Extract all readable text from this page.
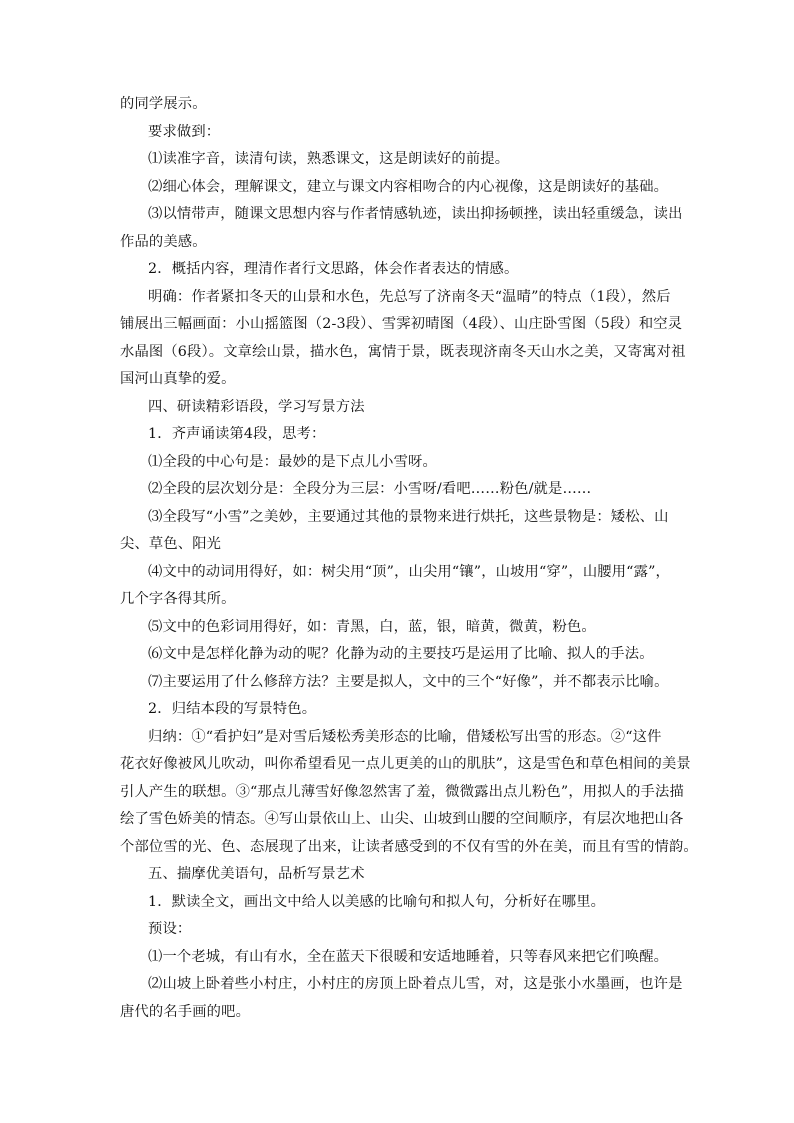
的同学展示。
要求做到：
⑴读准字音，读清句读，熟悉课文，这是朗读好的前提。
⑵细心体会，理解课文，建立与课文内容相吻合的内心视像，这是朗读好的基础。
⑶以情带声，随课文思想内容与作者情感轨迹，读出抑扬顿挫，读出轻重缓急，读出
作品的美感。
2．概括内容，理清作者行文思路，体会作者表达的情感。
明确：作者紧扣冬天的山景和水色，先总写了济南冬天“温晴”的特点（1段），然后
铺展出三幅画面：小山摇篮图（2-3段）、雪霁初晴图（4段）、山庄卧雪图（5段）和空灵
水晶图（6段）。文章绘山景，描水色，寓情于景，既表现济南冬天山水之美，又寄寓对祖
国河山真挚的爱。
四、研读精彩语段，学习写景方法
1．齐声诵读第4段，思考：
⑴全段的中心句是：最妙的是下点儿小雪呀。
⑵全段的层次划分是：全段分为三层：小雪呀/看吧……粉色/就是……
⑶全段写“小雪”之美妙，主要通过其他的景物来进行烘托，这些景物是：矮松、山
尖、草色、阳光
⑷文中的动词用得好，如：树尖用“顶”，山尖用“镶”，山坡用“穿”，山腰用“露”，
几个字各得其所。
⑸文中的色彩词用得好，如：青黑，白，蓝，银，暗黄，微黄，粉色。
⑹文中是怎样化静为动的呢？化静为动的主要技巧是运用了比喻、拟人的手法。
⑺主要运用了什么修辞方法？主要是拟人，文中的三个“好像”，并不都表示比喻。
2．归结本段的写景特色。
归纳：①“看护妇”是对雪后矮松秀美形态的比喻，借矮松写出雪的形态。②“这件
花衣好像被风儿吹动，叫你希望看见一点儿更美的山的肌肤”，这是雪色和草色相间的美景
引人产生的联想。③“那点儿薄雪好像忽然害了羞，微微露出点儿粉色”，用拟人的手法描
绘了雪色娇美的情态。④写山景依山上、山尖、山坡到山腰的空间顺序，有层次地把山各
个部位雪的光、色、态展现了出来，让读者感受到的不仅有雪的外在美，而且有雪的情韵。
五、揣摩优美语句，品析写景艺术
1．默读全文，画出文中给人以美感的比喻句和拟人句，分析好在哪里。
预设：
⑴一个老城，有山有水，全在蓝天下很暖和安适地睡着，只等春风来把它们唤醒。
⑵山坡上卧着些小村庄，小村庄的房顶上卧着点儿雪，对，这是张小水墨画，也许是
唐代的名手画的吧。
